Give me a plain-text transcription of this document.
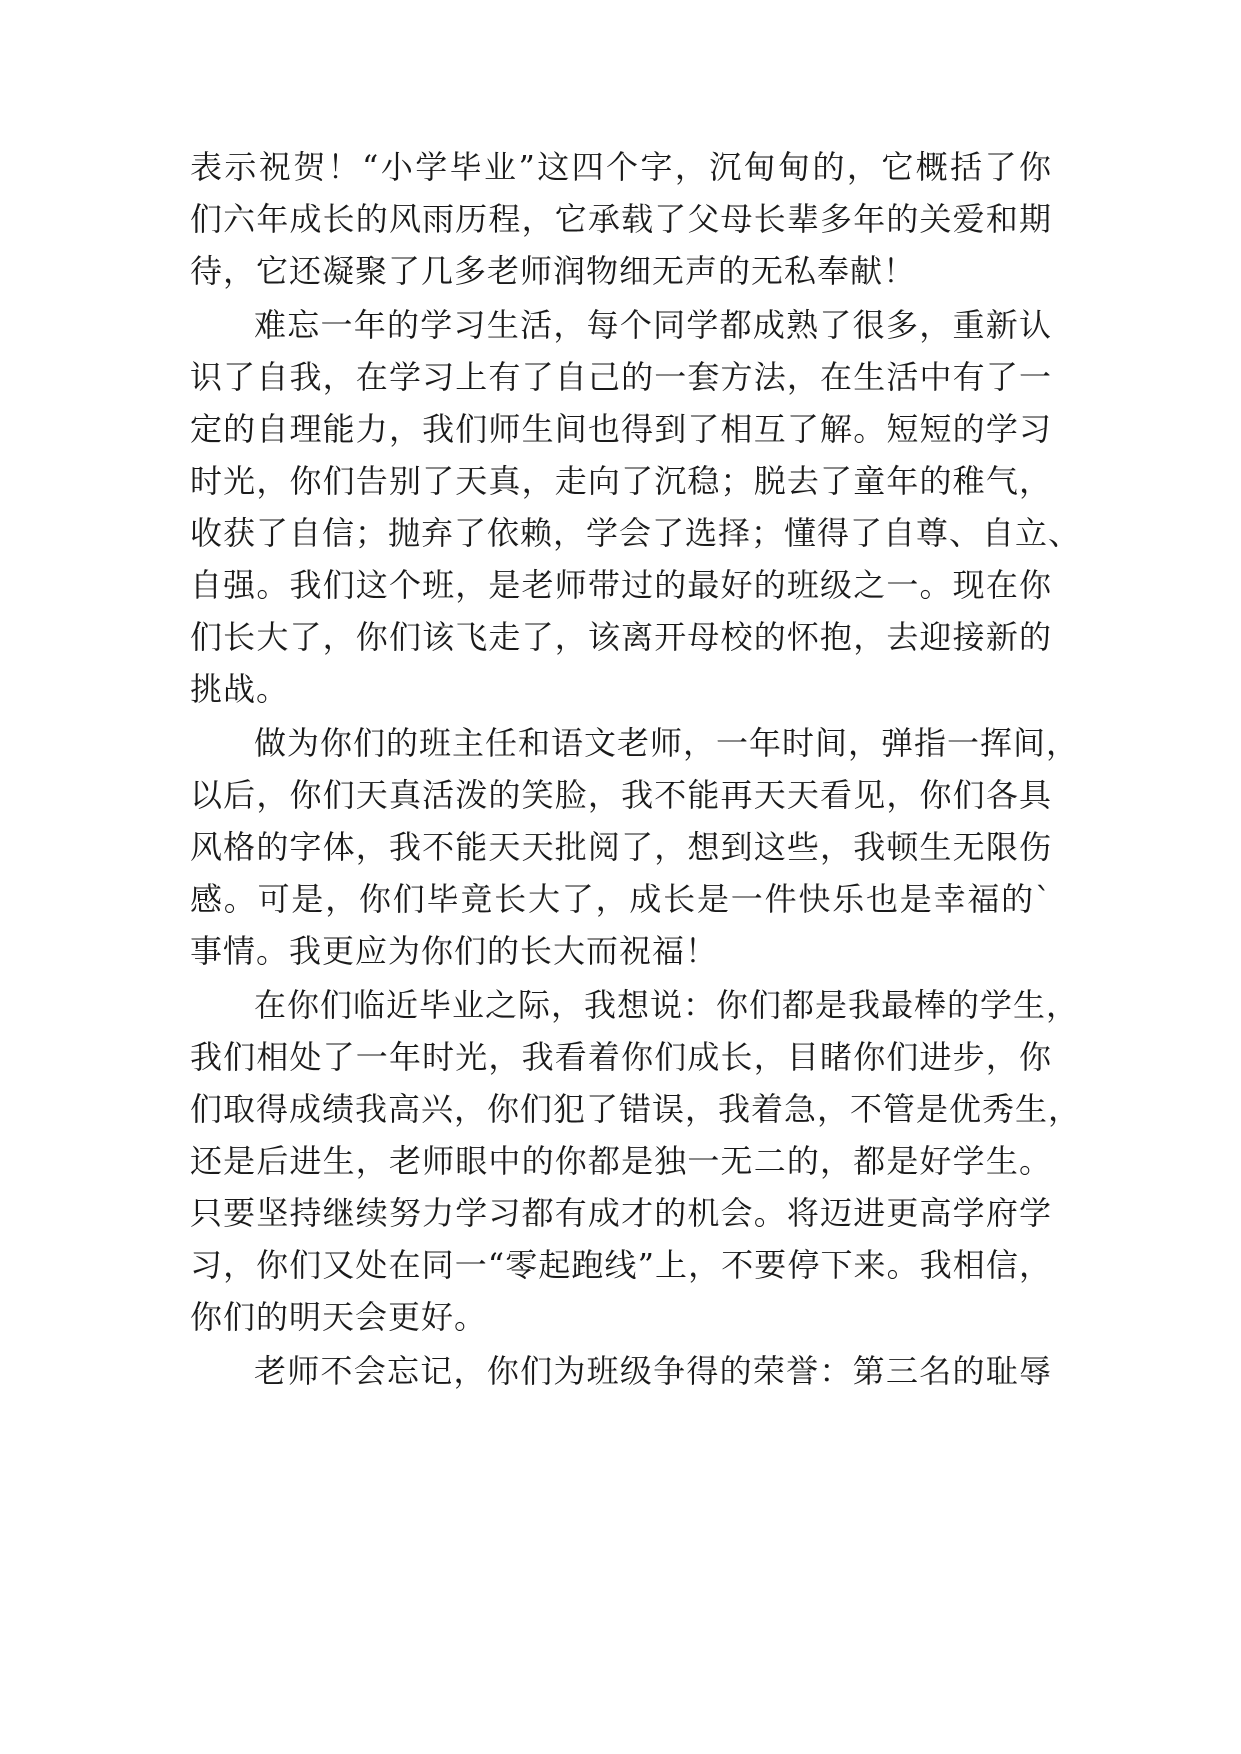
表示祝贺！“小学毕业”这四个字，沉甸甸的，它概括了你
们六年成长的风雨历程，它承载了父母长辈多年的关爱和期
待，它还凝聚了几多老师润物细无声的无私奉献！
难忘一年的学习生活，每个同学都成熟了很多，重新认
识了自我，在学习上有了自己的一套方法，在生活中有了一
定的自理能力，我们师生间也得到了相互了解。短短的学习
时光，你们告别了天真，走向了沉稳；脱去了童年的稚气，
收获了自信；抛弃了依赖，学会了选择；懂得了自尊、自立、
自强。我们这个班，是老师带过的最好的班级之一。现在你
们长大了，你们该飞走了，该离开母校的怀抱，去迎接新的
挑战。
做为你们的班主任和语文老师，一年时间，弹指一挥间，
以后，你们天真活泼的笑脸，我不能再天天看见，你们各具
风格的字体，我不能天天批阅了，想到这些，我顿生无限伤
感。可是，你们毕竟长大了，成长是一件快乐也是幸福的`
事情。我更应为你们的长大而祝福！
在你们临近毕业之际，我想说：你们都是我最棒的学生，
我们相处了一年时光，我看着你们成长，目睹你们进步，你
们取得成绩我高兴，你们犯了错误，我着急，不管是优秀生，
还是后进生，老师眼中的你都是独一无二的，都是好学生。
只要坚持继续努力学习都有成才的机会。将迈进更高学府学
习，你们又处在同一“零起跑线”上，不要停下来。我相信，
你们的明天会更好。
老师不会忘记，你们为班级争得的荣誉：第三名的耻辱
